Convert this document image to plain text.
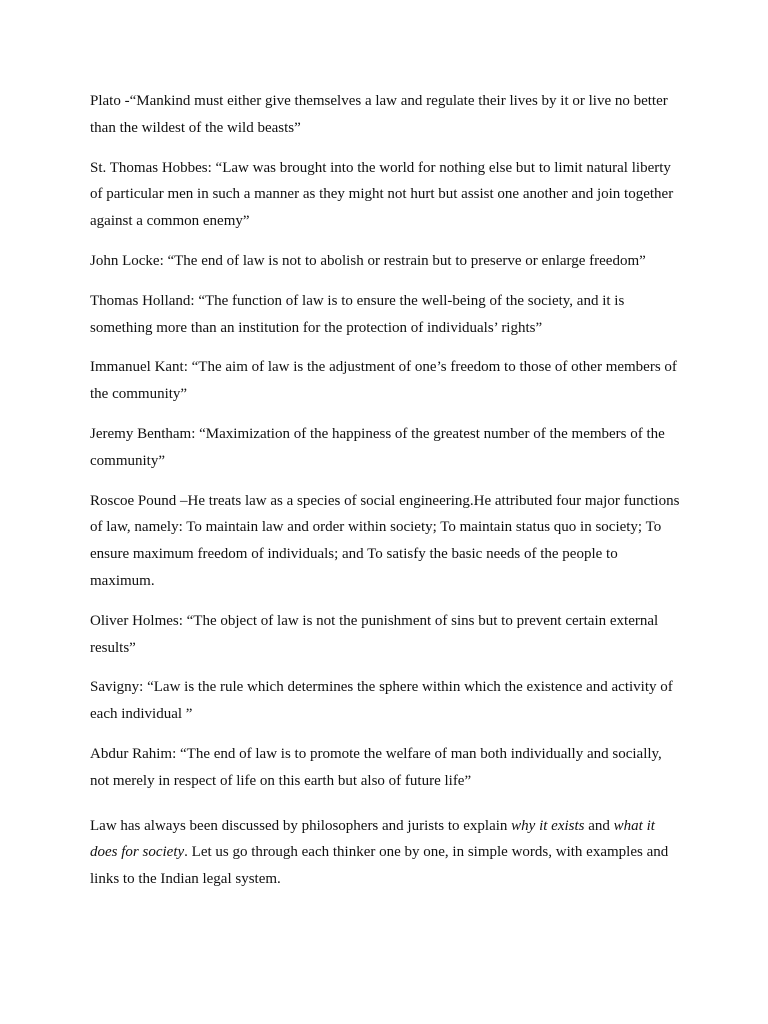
Plato -“Mankind must either give themselves a law and regulate their lives by it or live no better than the wildest of the wild beasts”

St. Thomas Hobbes: “Law was brought into the world for nothing else but to limit natural liberty of particular men in such a manner as they might not hurt but assist one another and join together against a common enemy”

John Locke: “The end of law is not to abolish or restrain but to preserve or enlarge freedom”

Thomas Holland: “The function of law is to ensure the well-being of the society, and it is something more than an institution for the protection of individuals’ rights”

Immanuel Kant: “The aim of law is the adjustment of one’s freedom to those of other members of the community”

Jeremy Bentham: “Maximization of the happiness of the greatest number of the members of the community”

Roscoe Pound –He treats law as a species of social engineering.He attributed four major functions of law, namely: To maintain law and order within society; To maintain status quo in society; To ensure maximum freedom of individuals; and To satisfy the basic needs of the people to maximum.

Oliver Holmes: “The object of law is not the punishment of sins but to prevent certain external results”

Savigny: “Law is the rule which determines the sphere within which the existence and activity of each individual ”

Abdur Rahim: “The end of law is to promote the welfare of man both individually and socially, not merely in respect of life on this earth but also of future life”

Law has always been discussed by philosophers and jurists to explain why it exists and what it does for society. Let us go through each thinker one by one, in simple words, with examples and links to the Indian legal system.
